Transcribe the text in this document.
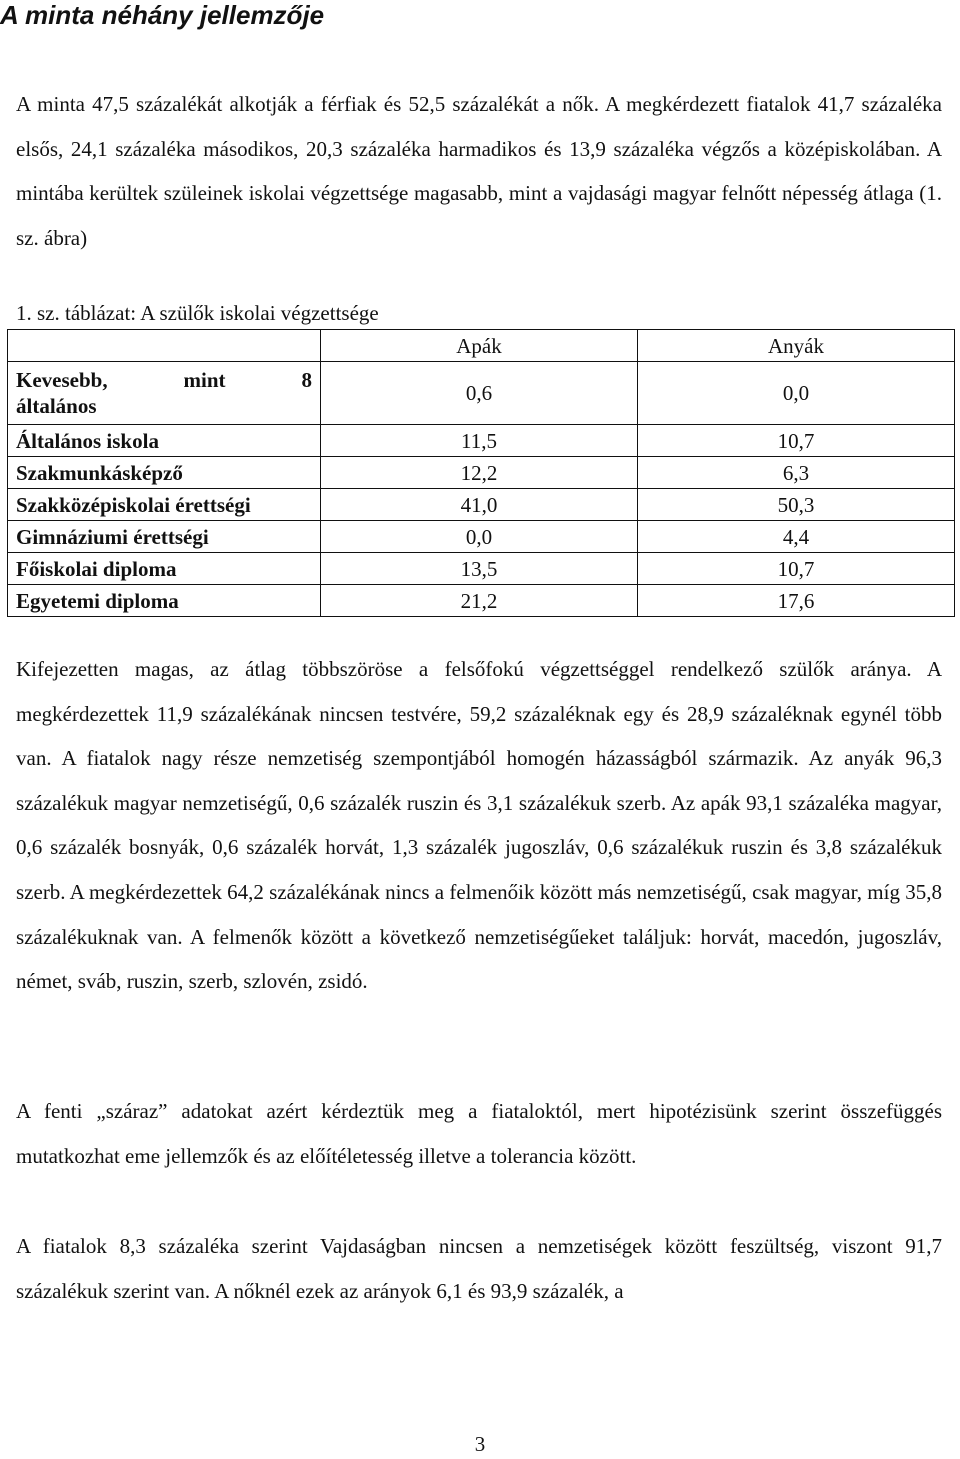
A minta néhány jellemzője

A minta 47,5 százalékát alkotják a férfiak és 52,5 százalékát a nők. A megkérdezett fiatalok 41,7 százaléka elsős, 24,1 százaléka másodikos, 20,3 százaléka harmadikos és 13,9 százaléka végzős a középiskolában. A mintába kerültek szüleinek iskolai végzettsége magasabb, mint a vajdasági magyar felnőtt népesség átlaga (1. sz. ábra)

1. sz. táblázat: A szülők iskolai végzettsége

	Apák	Anyák

Kevesebb, mint 8
általános	0,6	0,0
Általános iskola	11,5	10,7
Szakmunkásképző	12,2	6,3
Szakközépiskolai érettségi	41,0	50,3
Gimnáziumi érettségi	0,0	4,4
Főiskolai diploma	13,5	10,7
Egyetemi diploma	21,2	17,6

Kifejezetten magas, az átlag többszöröse a felsőfokú végzettséggel rendelkező szülők aránya. A megkérdezettek 11,9 százalékának nincsen testvére, 59,2 százaléknak egy és 28,9 százaléknak egynél több van. A fiatalok nagy része nemzetiség szempontjából homogén házasságból származik. Az anyák 96,3 százalékuk magyar nemzetiségű, 0,6 százalék ruszin és 3,1 százalékuk szerb. Az apák 93,1 százaléka magyar, 0,6 százalék bosnyák, 0,6 százalék horvát, 1,3 százalék jugoszláv, 0,6 százalékuk ruszin és 3,8 százalékuk szerb. A megkérdezettek 64,2 százalékának nincs a felmenőik között más nemzetiségű, csak magyar, míg 35,8 százalékuknak van. A felmenők között a következő nemzetiségűeket találjuk: horvát, macedón, jugoszláv, német, sváb, ruszin, szerb, szlovén, zsidó.

A fenti „száraz” adatokat azért kérdeztük meg a fiataloktól, mert hipotézisünk szerint összefüggés mutatkozhat eme jellemzők és az előítéletesség illetve a tolerancia között.

A fiatalok 8,3 százaléka szerint Vajdaságban nincsen a nemzetiségek között feszültség, viszont 91,7 százalékuk szerint van. A nőknél ezek az arányok 6,1 és 93,9 százalék, a

3
